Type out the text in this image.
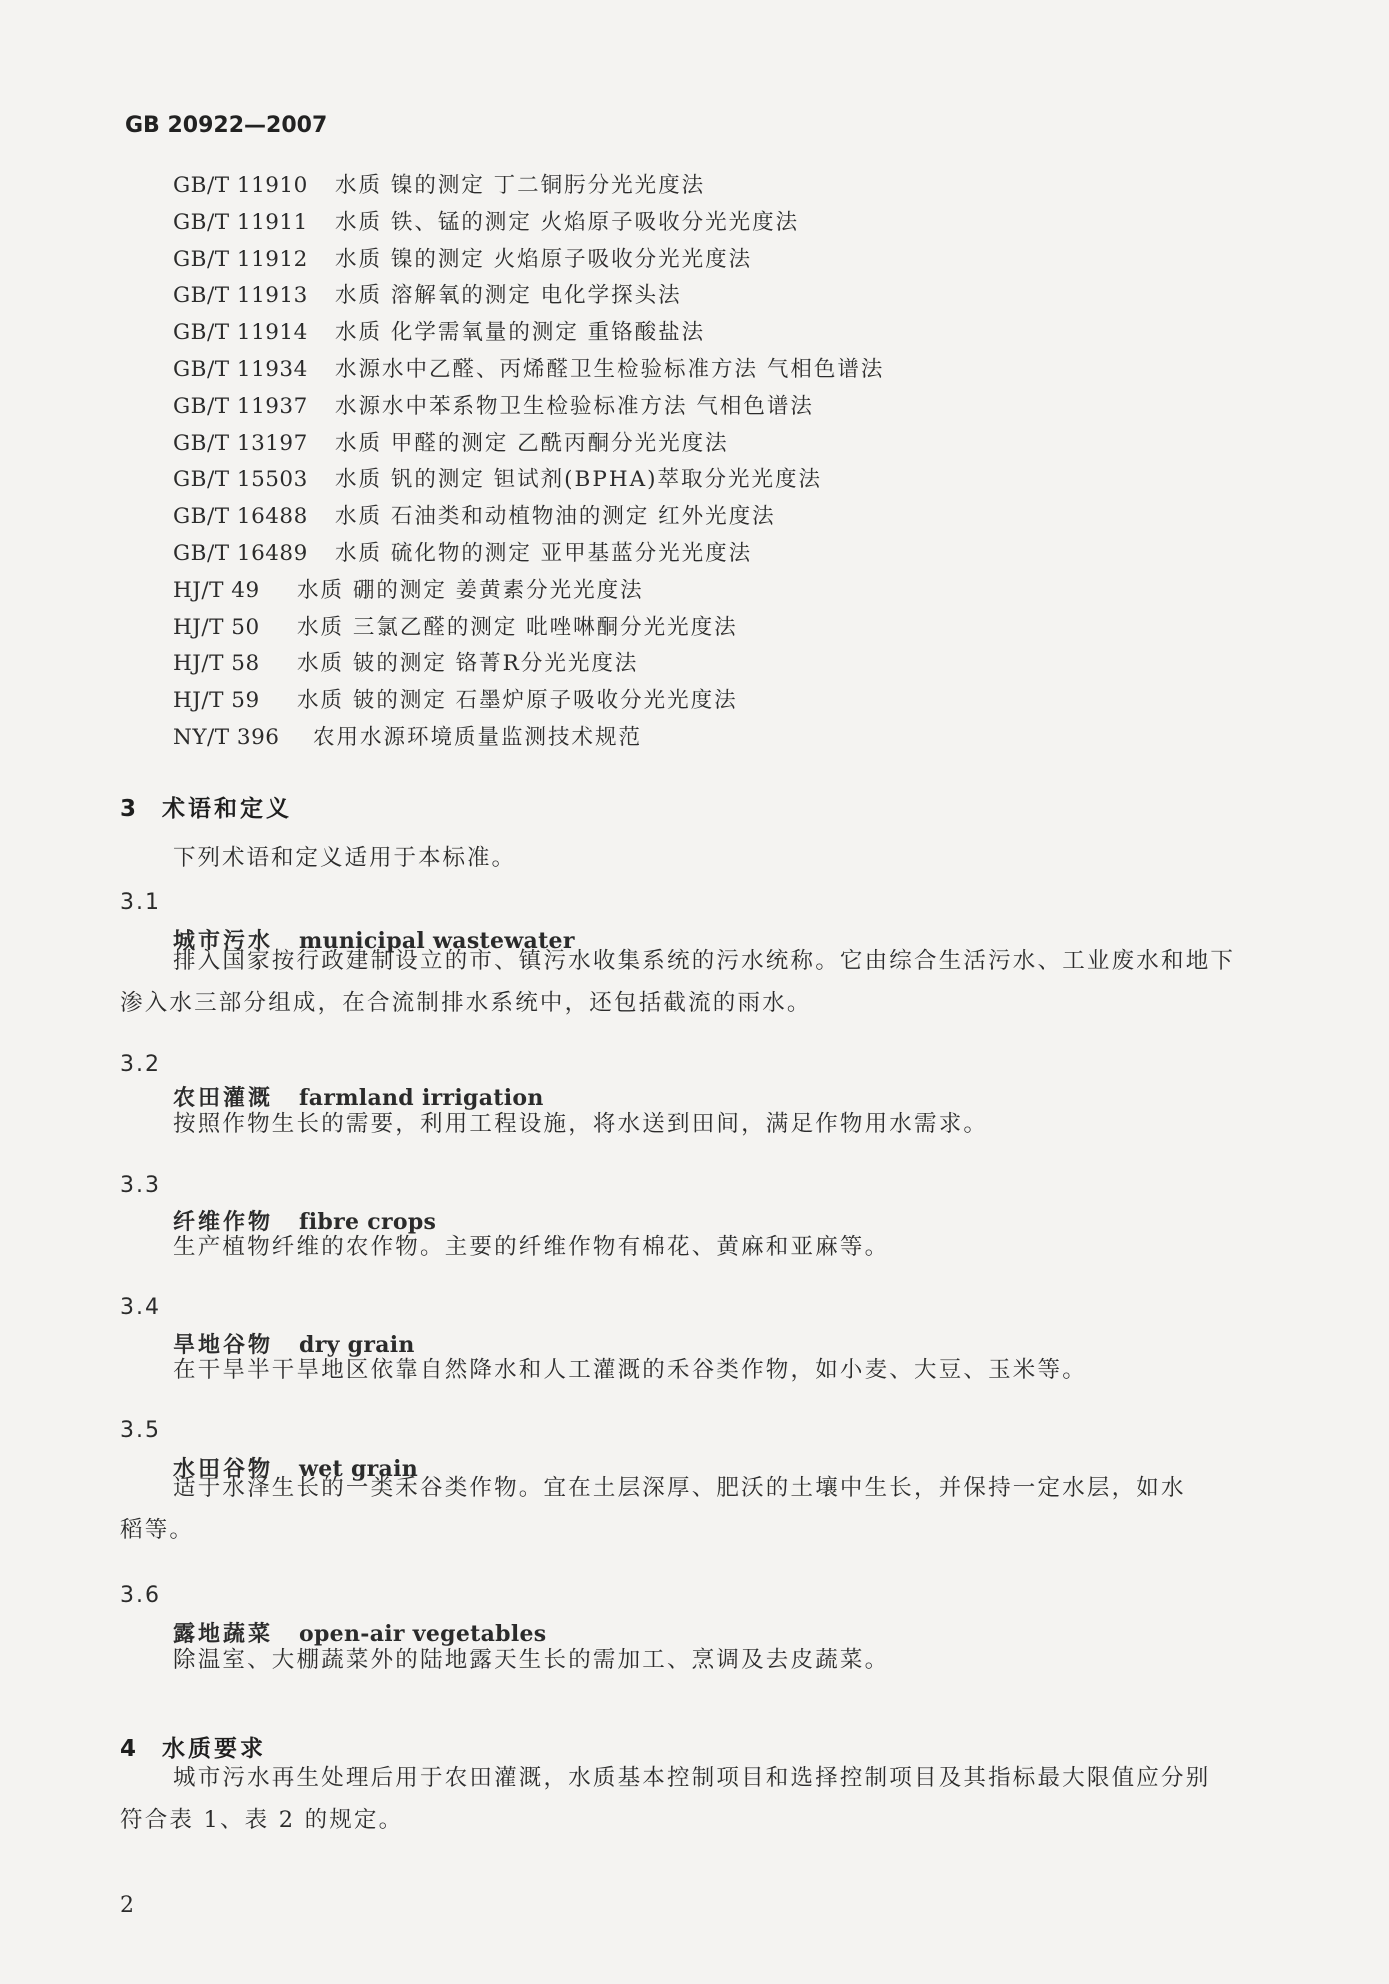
GB 20922—2007
GB/T 11910	水质 镍的测定 丁二铜肟分光光度法
GB/T 11911	水质 铁、锰的测定 火焰原子吸收分光光度法
GB/T 11912	水质 镍的测定 火焰原子吸收分光光度法
GB/T 11913	水质 溶解氧的测定 电化学探头法
GB/T 11914	水质 化学需氧量的测定 重铬酸盐法
GB/T 11934	水源水中乙醛、丙烯醛卫生检验标准方法 气相色谱法
GB/T 11937	水源水中苯系物卫生检验标准方法 气相色谱法
GB/T 13197	水质 甲醛的测定 乙酰丙酮分光光度法
GB/T 15503	水质 钒的测定 钽试剂(BPHA)萃取分光光度法
GB/T 16488	水质 石油类和动植物油的测定 红外光度法
GB/T 16489	水质 硫化物的测定 亚甲基蓝分光光度法
HJ/T 49	水质 硼的测定 姜黄素分光光度法
HJ/T 50	水质 三氯乙醛的测定 吡唑啉酮分光光度法
HJ/T 58	水质 铍的测定 铬菁R分光光度法
HJ/T 59	水质 铍的测定 石墨炉原子吸收分光光度法
NY/T 396	农用水源环境质量监测技术规范
3 术语和定义
下列术语和定义适用于本标准。
3.1
城市污水 municipal wastewater
排入国家按行政建制设立的市、镇污水收集系统的污水统称。它由综合生活污水、工业废水和地下
渗入水三部分组成，在合流制排水系统中，还包括截流的雨水。
3.2
农田灌溉 farmland irrigation
按照作物生长的需要，利用工程设施，将水送到田间，满足作物用水需求。
3.3
纤维作物 fibre crops
生产植物纤维的农作物。主要的纤维作物有棉花、黄麻和亚麻等。
3.4
旱地谷物 dry grain
在干旱半干旱地区依靠自然降水和人工灌溉的禾谷类作物，如小麦、大豆、玉米等。
3.5
水田谷物 wet grain
适于水泽生长的一类禾谷类作物。宜在土层深厚、肥沃的土壤中生长，并保持一定水层，如水
稻等。
3.6
露地蔬菜 open-air vegetables
除温室、大棚蔬菜外的陆地露天生长的需加工、烹调及去皮蔬菜。
4 水质要求
城市污水再生处理后用于农田灌溉，水质基本控制项目和选择控制项目及其指标最大限值应分别
符合表 1、表 2 的规定。
2
